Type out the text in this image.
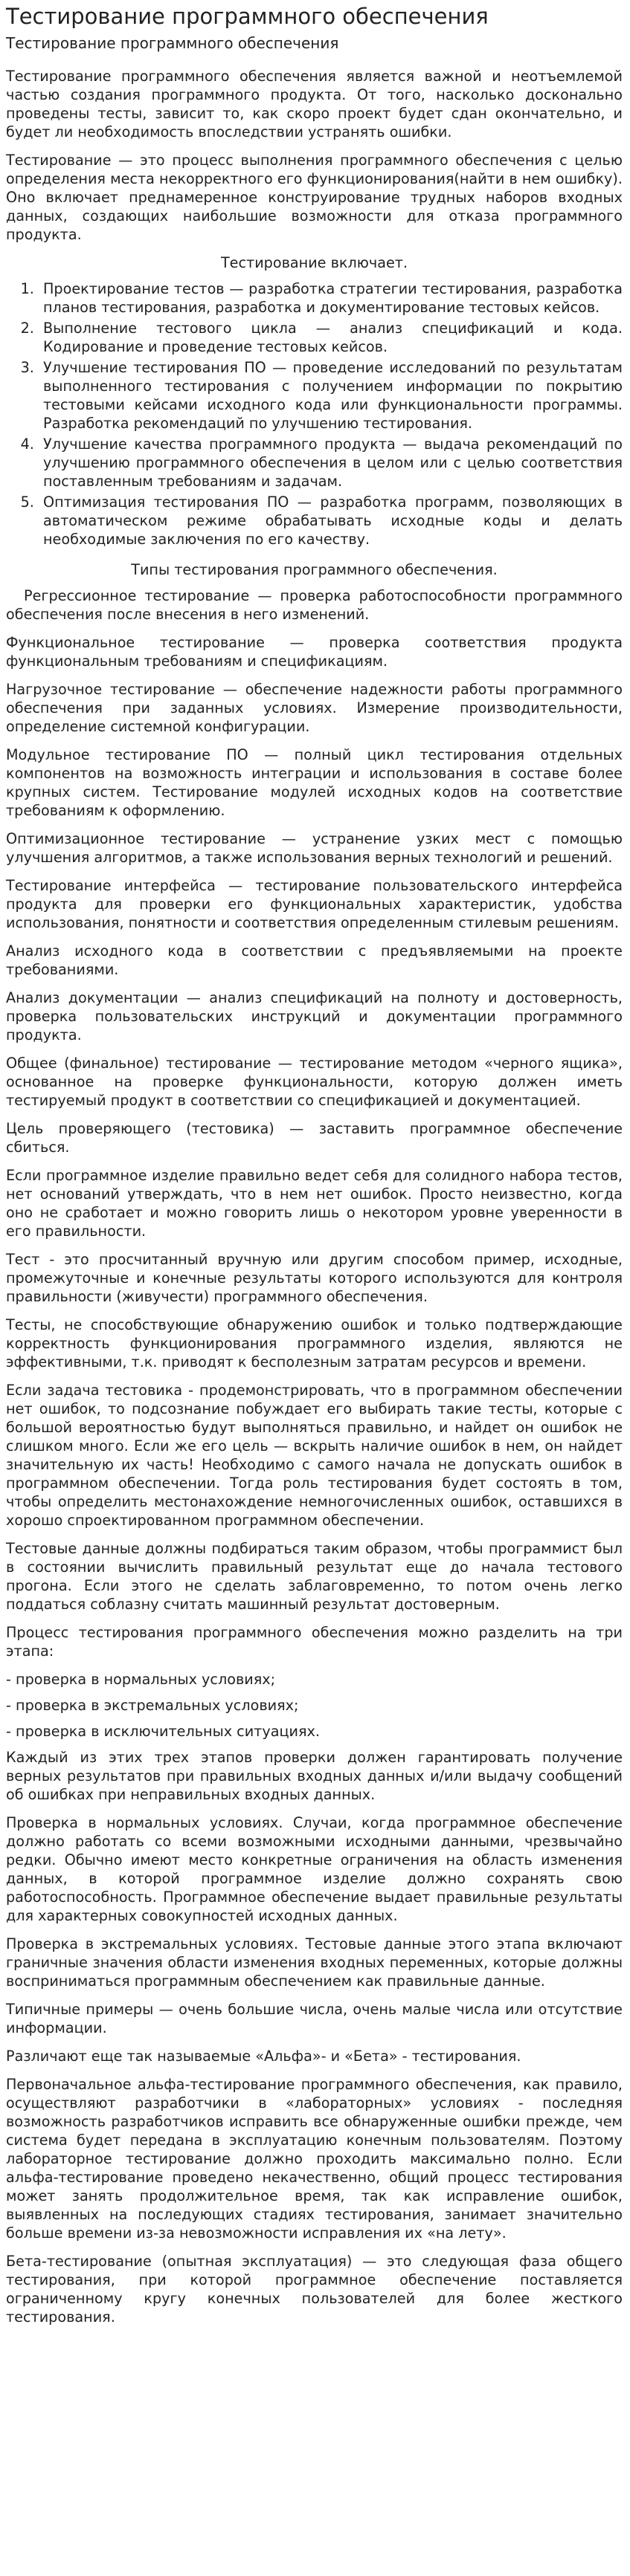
Тестирование программного обеспечения
Тестирование программного обеспечения

Тестирование программного обеспечения является важной и неотъемлемой частью создания программного продукта. От того, насколько досконально проведены тесты, зависит то, как скоро проект будет сдан окончательно, и будет ли необходимость впоследствии устранять ошибки.

Тестирование — это процесс выполнения программного обеспечения с целью определения места некорректного его функционирования(найти в нем ошибку). Оно включает преднамеренное конструирование трудных наборов входных данных, создающих наибольшие возможности для отказа программного продукта.

Тестирование включает.

1. Проектирование тестов — разработка стратегии тестирования, разработка планов тестирования, разработка и документирование тестовых кейсов.
2. Выполнение тестового цикла — анализ спецификаций и кода. Кодирование и проведение тестовых кейсов.
3. Улучшение тестирования ПО — проведение исследований по результатам выполненного тестирования с получением информации по покрытию тестовыми кейсами исходного кода или функциональности программы. Разработка рекомендаций по улучшению тестирования.
4. Улучшение качества программного продукта — выдача рекомендаций по улучшению программного обеспечения в целом или с целью соответствия поставленным требованиям и задачам.
5. Оптимизация тестирования ПО — разработка программ, позволяющих в автоматическом режиме обрабатывать исходные коды и делать необходимые заключения по его качеству.

Типы тестирования программного обеспечения.

Регрессионное тестирование — проверка работоспособности программного обеспечения после внесения в него изменений.

Функциональное тестирование — проверка соответствия продукта функциональным требованиям и спецификациям.

Нагрузочное тестирование — обеспечение надежности работы программного обеспечения при заданных условиях. Измерение производительности, определение системной конфигурации.

Модульное тестирование ПО — полный цикл тестирования отдельных компонентов на возможность интеграции и использования в составе более крупных систем. Тестирование модулей исходных кодов на соответствие требованиям к оформлению.

Оптимизационное тестирование — устранение узких мест с помощью улучшения алгоритмов, а также использования верных технологий и решений.

Тестирование интерфейса — тестирование пользовательского интерфейса продукта для проверки его функциональных характеристик, удобства использования, понятности и соответствия определенным стилевым решениям.

Анализ исходного кода в соответствии с предъявляемыми на проекте требованиями.

Анализ документации — анализ спецификаций на полноту и достоверность, проверка пользовательских инструкций и документации программного продукта.

Общее (финальное) тестирование — тестирование методом «черного ящика», основанное на проверке функциональности, которую должен иметь тестируемый продукт в соответствии со спецификацией и документацией.

Цель проверяющего (тестовика) — заставить программное обеспечение сбиться.

Если программное изделие правильно ведет себя для солидного набора тестов, нет оснований утверждать, что в нем нет ошибок. Просто неизвестно, когда оно не сработает и можно говорить лишь о некотором уровне уверенности в его правильности.

Тест - это просчитанный вручную или другим способом пример, исходные, промежуточные и конечные результаты которого используются для контроля правильности (живучести) программного обеспечения.

Тесты, не способствующие обнаружению ошибок и только подтверждающие корректность функционирования программного изделия, являются не эффективными, т.к. приводят к бесполезным затратам ресурсов и времени.

Если задача тестовика - продемонстрировать, что в программном обеспечении нет ошибок, то подсознание побуждает его выбирать такие тесты, которые с большой вероятностью будут выполняться правильно, и найдет он ошибок не слишком много. Если же его цель — вскрыть наличие ошибок в нем, он найдет значительную их часть! Необходимо с самого начала не допускать ошибок в программном обеспечении. Тогда роль тестирования будет состоять в том, чтобы определить местонахождение немногочисленных ошибок, оставшихся в хорошо спроектированном программном обеспечении.

Тестовые данные должны подбираться таким образом, чтобы программист был в состоянии вычислить правильный результат еще до начала тестового прогона. Если этого не сделать заблаговременно, то потом очень легко поддаться соблазну считать машинный результат достоверным.

Процесс тестирования программного обеспечения можно разделить на три этапа:

- проверка в нормальных условиях;

- проверка в экстремальных условиях;

- проверка в исключительных ситуациях.

Каждый из этих трех этапов проверки должен гарантировать получение верных результатов при правильных входных данных и/или выдачу сообщений об ошибках при неправильных входных данных.

Проверка в нормальных условиях. Случаи, когда программное обеспечение должно работать со всеми возможными исходными данными, чрезвычайно редки. Обычно имеют место конкретные ограничения на область изменения данных, в которой программное изделие должно сохранять свою работоспособность. Программное обеспечение выдает правильные результаты для характерных совокупностей исходных данных.

Проверка в экстремальных условиях. Тестовые данные этого этапа включают граничные значения области изменения входных переменных, которые должны восприниматься программным обеспечением как правильные данные.

Типичные примеры — очень большие числа, очень малые числа или отсутствие информации.

Различают еще так называемые «Альфа»- и «Бета» - тестирования.

Первоначальное альфа-тестирование программного обеспечения, как правило, осуществляют разработчики в «лабораторных» условиях - последняя возможность разработчиков исправить все обнаруженные ошибки прежде, чем система будет передана в эксплуатацию конечным пользователям. Поэтому лабораторное тестирование должно проходить максимально полно. Если альфа-тестирование проведено некачественно, общий процесс тестирования может занять продолжительное время, так как исправление ошибок, выявленных на последующих стадиях тестирования, занимает значительно больше времени из-за невозможности исправления их «на лету».

Бета-тестирование (опытная эксплуатация) — это следующая фаза общего тестирования, при которой программное обеспечение поставляется ограниченному кругу конечных пользователей для более жесткого тестирования.
